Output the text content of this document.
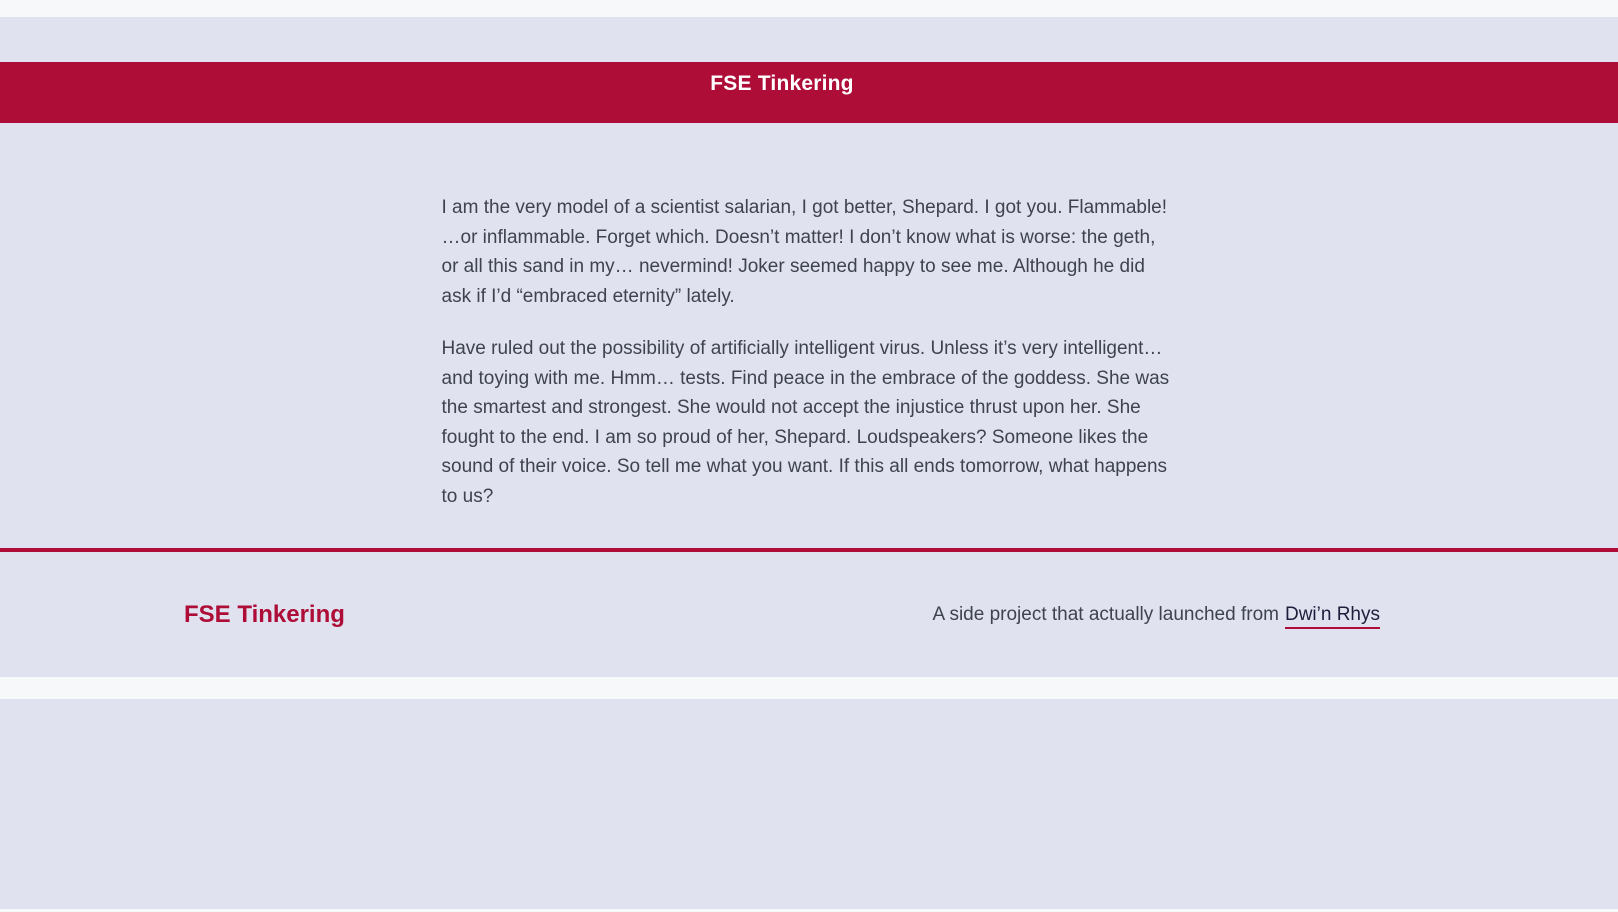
FSE Tinkering

I am the very model of a scientist salarian, I got better, Shepard. I got you. Flammable! …or inflammable. Forget which. Doesn’t matter! I don’t know what is worse: the geth, or all this sand in my… nevermind! Joker seemed happy to see me. Although he did ask if I’d “embraced eternity” lately.

Have ruled out the possibility of artificially intelligent virus. Unless it’s very intelligent… and toying with me. Hmm… tests. Find peace in the embrace of the goddess. She was the smartest and strongest. She would not accept the injustice thrust upon her. She fought to the end. I am so proud of her, Shepard. Loudspeakers? Someone likes the sound of their voice. So tell me what you want. If this all ends tomorrow, what happens to us?

FSE Tinkering	A side project that actually launched from Dwi’n Rhys
